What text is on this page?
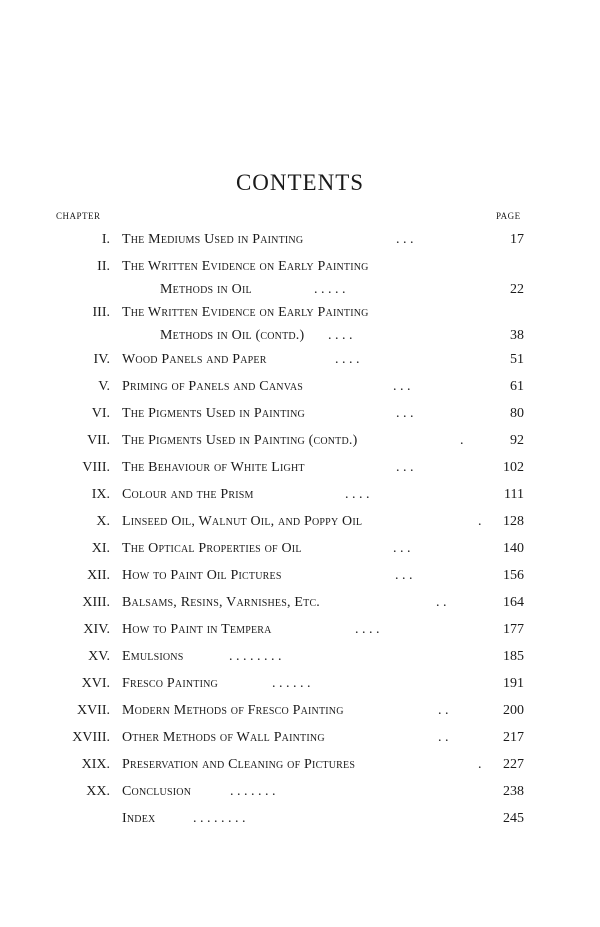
CONTENTS
CHAPTER	PAGE
I. The Mediums Used in Painting	. . .	17
II. The Written Evidence on Early Painting
Methods in Oil	. . . . .	22
III. The Written Evidence on Early Painting
Methods in Oil (contd.) . . . .	38
IV. Wood Panels and Paper	. . . .	51
V. Priming of Panels and Canvas	. . .	61
VI. The Pigments Used in Painting	. . .	80
VII. The Pigments Used in Painting (contd.)	.	92
VIII. The Behaviour of White Light	. . .	102
IX. Colour and the Prism	. . . .	111
X. Linseed Oil, Walnut Oil, and Poppy Oil	. 128
XI. The Optical Properties of Oil	. . .	140
XII. How to Paint Oil Pictures	. . .	156
XIII. Balsams, Resins, Varnishes, Etc.	. .	164
XIV. How to Paint in Tempera	. . . .	177
XV. Emulsions	. . . . . . . .	185
XVI. Fresco Painting	. . . . . .	191
XVII. Modern Methods of Fresco Painting	. .	200
XVIII. Other Methods of Wall Painting	. .	217
XIX. Preservation and Cleaning of Pictures	. 227
XX. Conclusion	. . . . . . .	238
Index	. . . . . . . .	245
